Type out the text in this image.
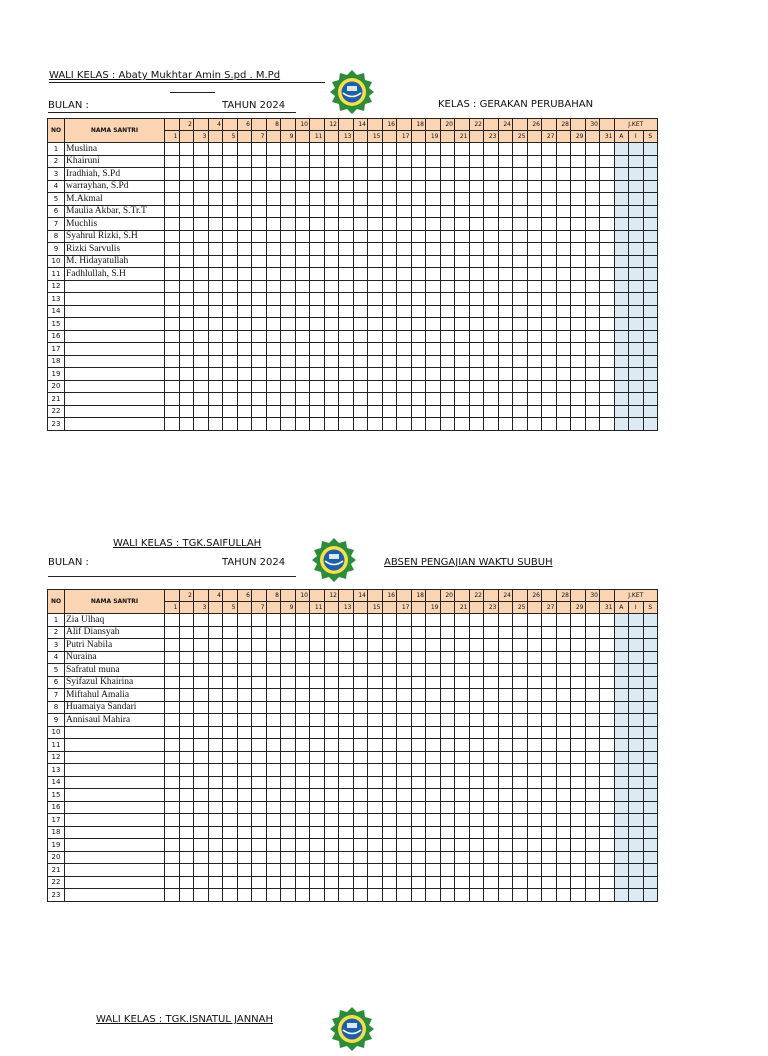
WALI KELAS : Abaty Mukhtar Amin S.pd . M.Pd
BULAN :	TAHUN 2024	KELAS : GERAKAN PERUBAHAN
NO	NAMA SANTRI		2		4		6		8		10		12		14		16		18		20		22		24		26		28		30		J.KET		
		1		3		5		7		9		11		13		15		17		19		21		23		25		27		29		31	A	I	S
1	Muslina																																		
2	Khairuni																																		
3	Iradhiah, S.Pd																																		
4	warrayhan, S.Pd																																		
5	M.Akmal																																		
6	Maulia Akbar, S.Tr.T																																		
7	Muchlis																																		
8	Syahrul Rizki, S.H																																		
9	Rizki Sarvulis																																		
10	M. Hidayatullah																																		
11	Fadhlullah, S.H																																		
12																																			
13																																			
14																																			
15																																			
16																																			
17																																			
18																																			
19																																			
20																																			
21																																			
22																																			
23																																			
WALI KELAS : TGK.SAIFULLAH
BULAN :	TAHUN 2024	ABSEN PENGAJIAN WAKTU SUBUH
NO	NAMA SANTRI		2		4		6		8		10		12		14		16		18		20		22		24		26		28		30		J.KET		
		1		3		5		7		9		11		13		15		17		19		21		23		25		27		29		31	A	I	S
1	Zia Ulhaq																																		
2	Alif Diansyah																																		
3	Putri Nabila																																		
4	Nuraina																																		
5	Safratul muna																																		
6	Syifazul Khairina																																		
7	Miftahul Amalia																																		
8	Huamaiya Sandari																																		
9	Annisaul Mahira																																		
10																																			
11																																			
12																																			
13																																			
14																																			
15																																			
16																																			
17																																			
18																																			
19																																			
20																																			
21																																			
22																																			
23																																			
WALI KELAS : TGK.ISNATUL JANNAH
